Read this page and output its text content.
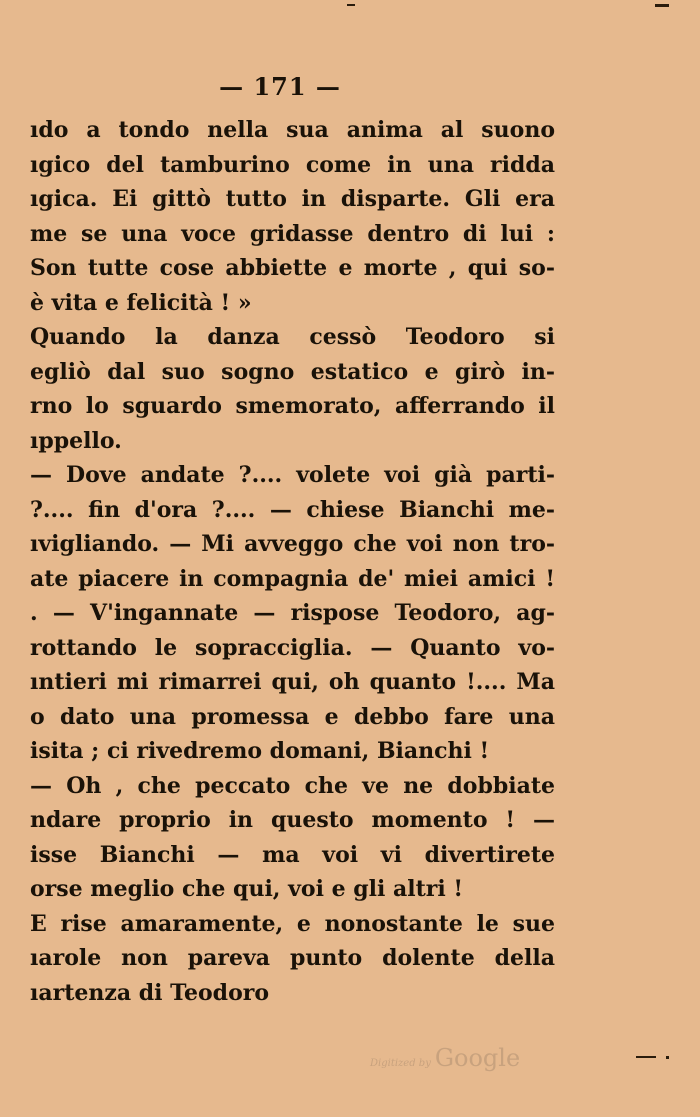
— 171 —
ıdo a tondo nella sua anima al suono
ıgico del tamburino come in una ridda
ıgica. Ei gittò tutto in disparte. Gli era
me se una voce gridasse dentro di lui :
Son tutte cose abbiette e morte , qui so-
è vita e felicità ! »
Quando la danza cessò Teodoro si
egliò dal suo sogno estatico e girò in-
rno lo sguardo smemorato, afferrando il
ıppello.
— Dove andate ?.... volete voi già parti-
?.... fin d'ora ?.... — chiese Bianchi me-
ıvigliando. — Mi avveggo che voi non tro-
ate piacere in compagnia de' miei amici !
. — V'ingannate — rispose Teodoro, ag-
rottando le sopracciglia. — Quanto vo-
ıntieri mi rimarrei qui, oh quanto !.... Ma
o dato una promessa e debbo fare una
isita ; ci rivedremo domani, Bianchi !
— Oh , che peccato che ve ne dobbiate
ndare proprio in questo momento ! —
isse Bianchi — ma voi vi divertirete
orse meglio che qui, voi e gli altri !
E rise amaramente, e nonostante le sue
ıarole non pareva punto dolente della
ıartenza di Teodoro
Digitized by Google
